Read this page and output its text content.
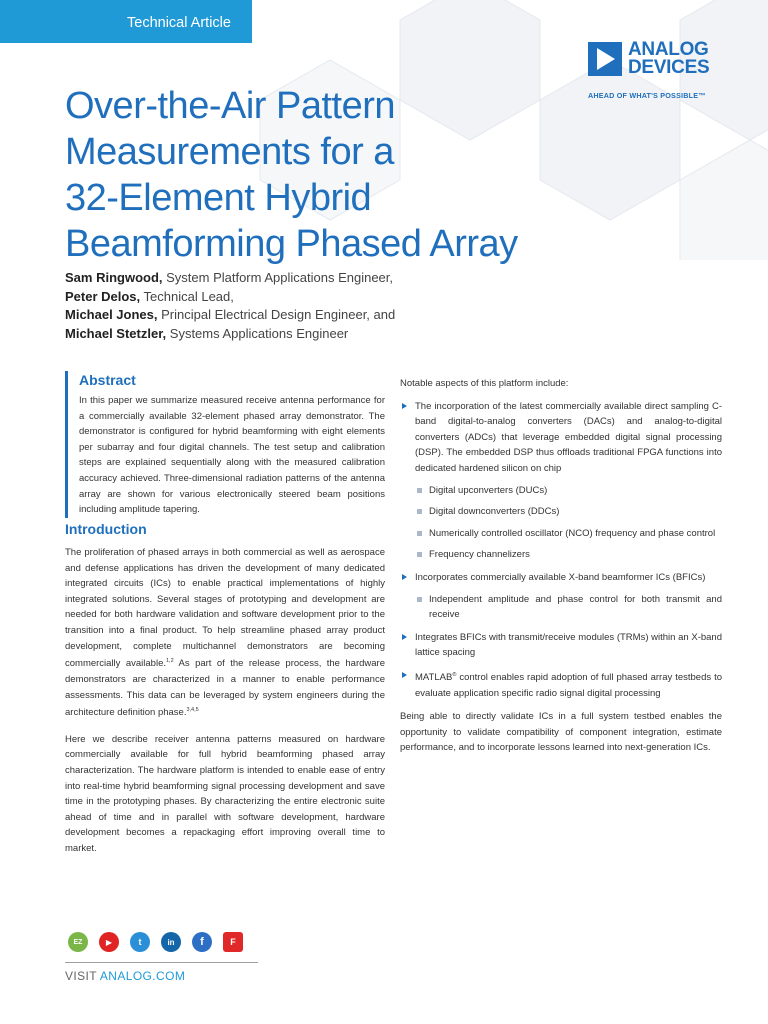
Technical Article
ANALOG
DEVICES
AHEAD OF WHAT'S POSSIBLE™
Over-the-Air Pattern
Measurements for a
32-Element Hybrid
Beamforming Phased Array
Sam Ringwood, System Platform Applications Engineer,
Peter Delos, Technical Lead,
Michael Jones, Principal Electrical Design Engineer, and
Michael Stetzler, Systems Applications Engineer
Abstract

In this paper we summarize measured receive antenna performance for a commercially available 32-element phased array demonstrator. The demonstrator is configured for hybrid beamforming with eight elements per subarray and four digital channels. The test setup and calibration steps are explained sequentially along with the measured calibration accuracy achieved. Three-dimensional radiation patterns of the antenna array are shown for various electronically steered beam positions including amplitude tapering.

Introduction

The proliferation of phased arrays in both commercial as well as aerospace and defense applications has driven the development of many dedicated integrated circuits (ICs) to enable practical implementations of highly integrated solutions. Several stages of prototyping and development are needed for both hardware validation and software development prior to the transition into a final product. To help streamline phased array product development, complete multichannel demonstrators are becoming commercially available.$^{1,2}$ As part of the release process, the hardware demonstrators are characterized in a manner to enable performance assessments. This data can be leveraged by system engineers during the architecture definition phase.$^{3,4,5}$

Here we describe receiver antenna patterns measured on hardware commercially available for full hybrid beamforming phased array characterization. The hardware platform is intended to enable ease of entry into real-time hybrid beamforming signal processing development and save time in the prototyping phases. By characterizing the entire electronic suite ahead of time and in parallel with software development, hardware development becomes a repackaging effort improving overall time to market.

Notable aspects of this platform include:

The incorporation of the latest commercially available direct sampling C-band digital-to-analog converters (DACs) and analog-to-digital converters (ADCs) that leverage embedded digital signal processing (DSP). The embedded DSP thus offloads traditional FPGA functions into dedicated hardened silicon on chip
Digital upconverters (DUCs)
Digital downconverters (DDCs)
Numerically controlled oscillator (NCO) frequency and phase control
Frequency channelizers
Incorporates commercially available X-band beamformer ICs (BFICs)
Independent amplitude and phase control for both transmit and receive
Integrates BFICs with transmit/receive modules (TRMs) within an X-band lattice spacing
MATLAB® control enables rapid adoption of full phased array testbeds to evaluate application specific radio signal digital processing

Being able to directly validate ICs in a full system testbed enables the opportunity to validate compatibility of component integration, estimate performance, and to incorporate lessons learned into next-generation ICs.

EZ	▶	t	in	f	F
VISIT ANALOG.COM
